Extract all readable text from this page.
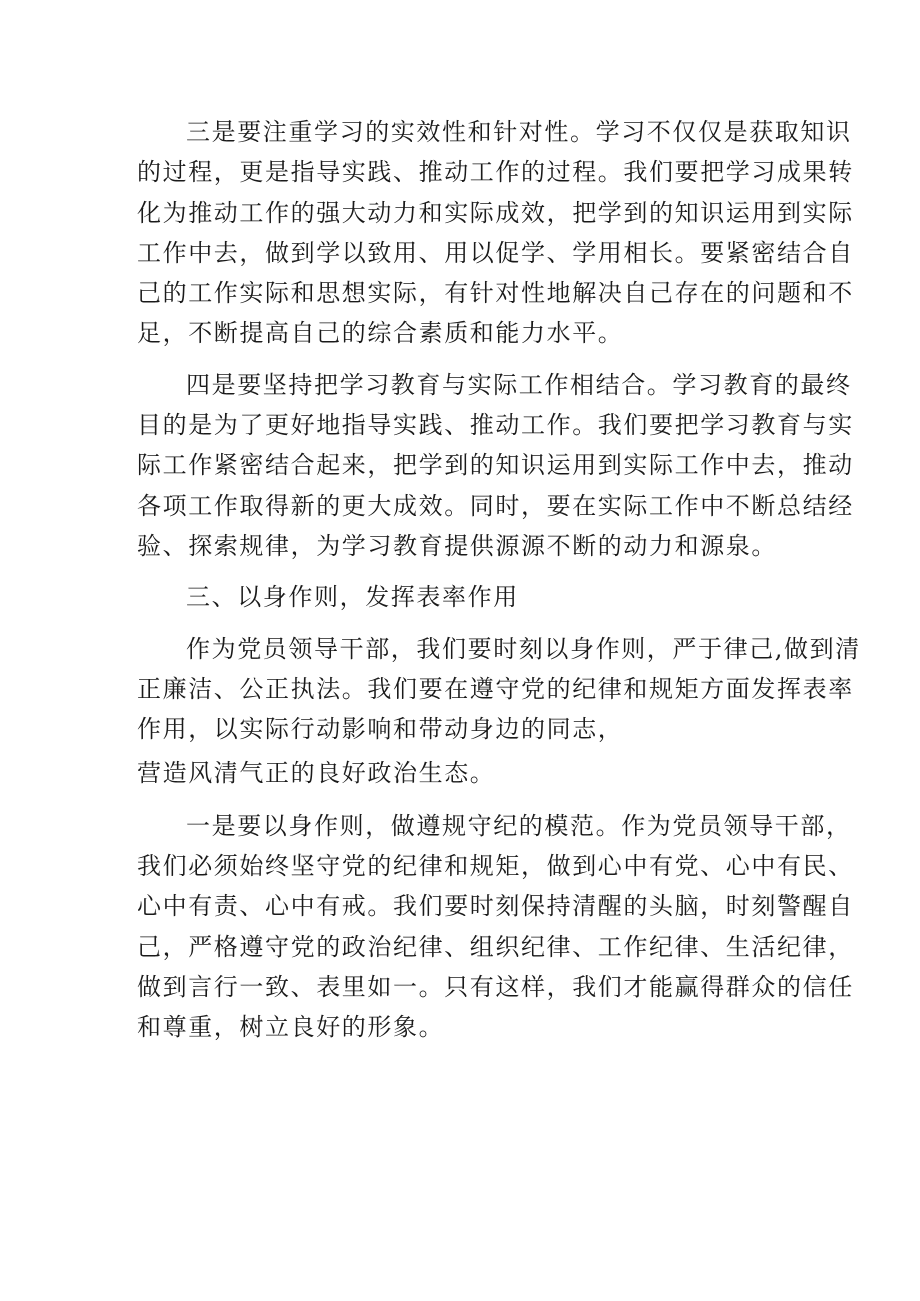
三是要注重学习的实效性和针对性。学习不仅仅是获取知识
的过程，更是指导实践、推动工作的过程。我们要把学习成果转
化为推动工作的强大动力和实际成效，把学到的知识运用到实际
工作中去，做到学以致用、用以促学、学用相长。要紧密结合自
己的工作实际和思想实际，有针对性地解决自己存在的问题和不
足，不断提高自己的综合素质和能力水平。
四是要坚持把学习教育与实际工作相结合。学习教育的最终
目的是为了更好地指导实践、推动工作。我们要把学习教育与实
际工作紧密结合起来，把学到的知识运用到实际工作中去，推动
各项工作取得新的更大成效。同时，要在实际工作中不断总结经
验、探索规律，为学习教育提供源源不断的动力和源泉。
三、以身作则，发挥表率作用
作为党员领导干部，我们要时刻以身作则，严于律己,做到清
正廉洁、公正执法。我们要在遵守党的纪律和规矩方面发挥表率
作用，以实际行动影响和带动身边的同志，
营造风清气正的良好政治生态。
一是要以身作则，做遵规守纪的模范。作为党员领导干部，
我们必须始终坚守党的纪律和规矩，做到心中有党、心中有民、
心中有责、心中有戒。我们要时刻保持清醒的头脑，时刻警醒自
己，严格遵守党的政治纪律、组织纪律、工作纪律、生活纪律，
做到言行一致、表里如一。只有这样，我们才能赢得群众的信任
和尊重，树立良好的形象。
